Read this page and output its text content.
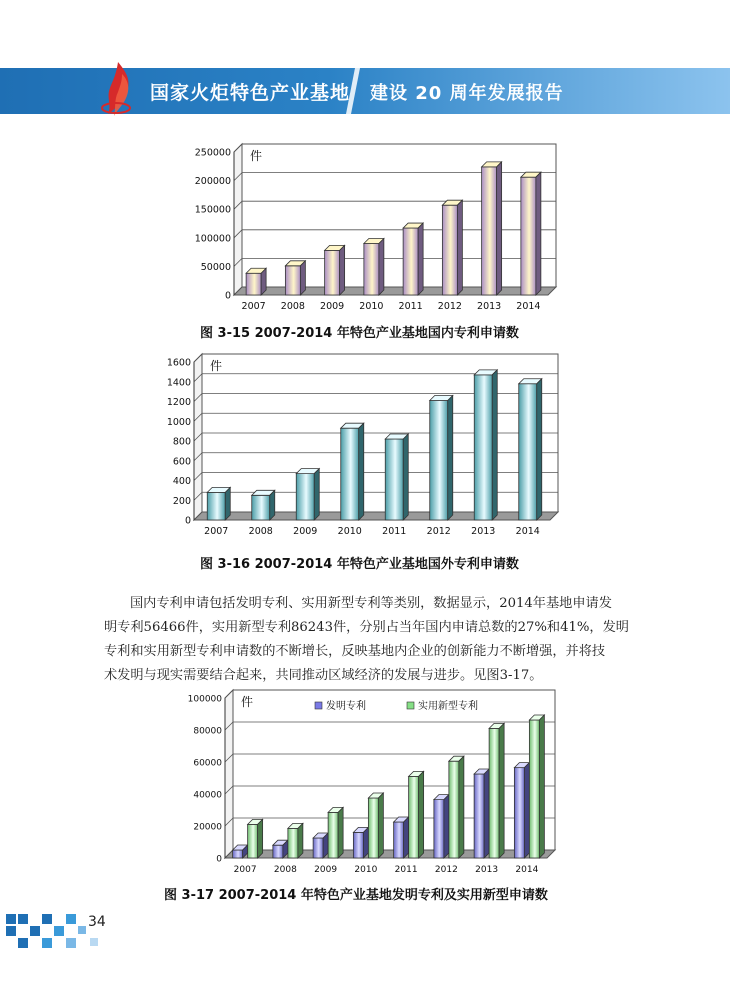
国家火炬特色产业基地 建设 20 周年发展报告
0
50000
100000
150000
200000
250000 件
2007 2008 2009 2010 2011 2012 2013 2014
图 3-15 2007-2014 年特色产业基地国内专利申请数
0
200
400
600
800
1000
1200
1400
1600 件
2007 2008 2009 2010 2011 2012 2013 2014
图 3-16 2007-2014 年特色产业基地国外专利申请数
国内专利申请包括发明专利、实用新型专利等类别，数据显示，2014年基地申请发
明专利56466件，实用新型专利86243件，分别占当年国内申请总数的27%和41%，发明
专利和实用新型专利申请数的不断增长，反映基地内企业的创新能力不断增强，并将技
术发明与现实需要结合起来，共同推动区域经济的发展与进步。见图3-17。
0
20000
40000
60000
80000
100000 件
2007 2008 2009 2010 2011 2012 2013 2014
发明专利	实用新型专利
图 3-17 2007-2014 年特色产业基地发明专利及实用新型申请数
34
